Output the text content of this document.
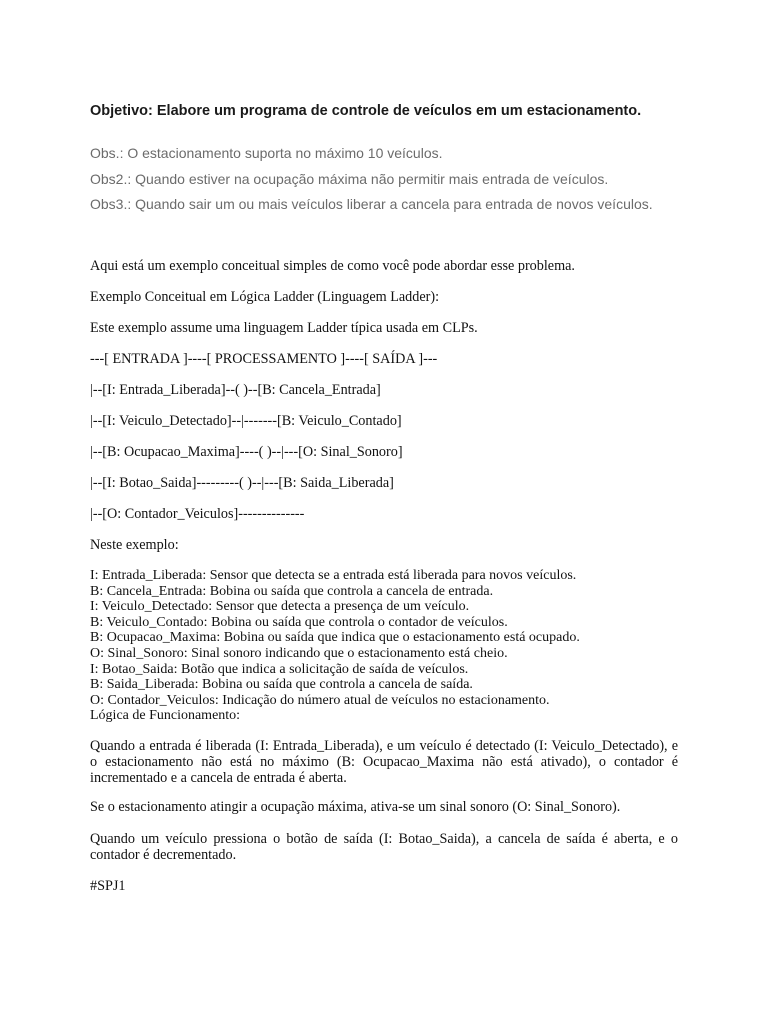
Objetivo: Elabore um programa de controle de veículos em um estacionamento.
Obs.: O estacionamento suporta no máximo 10 veículos.
Obs2.: Quando estiver na ocupação máxima não permitir mais entrada de veículos.
Obs3.: Quando sair um ou mais veículos liberar a cancela para entrada de novos veículos.
Aqui está um exemplo conceitual simples de como você pode abordar esse problema.
Exemplo Conceitual em Lógica Ladder (Linguagem Ladder):
Este exemplo assume uma linguagem Ladder típica usada em CLPs.
---[ ENTRADA ]----[ PROCESSAMENTO ]----[ SAÍDA ]---
|--[I: Entrada_Liberada]--( )--[B: Cancela_Entrada]
|--[I: Veiculo_Detectado]--|-------[B: Veiculo_Contado]
|--[B: Ocupacao_Maxima]----( )--|---[O: Sinal_Sonoro]
|--[I: Botao_Saida]---------( )--|---[B: Saida_Liberada]
|--[O: Contador_Veiculos]--------------
Neste exemplo:
I: Entrada_Liberada: Sensor que detecta se a entrada está liberada para novos veículos.
B: Cancela_Entrada: Bobina ou saída que controla a cancela de entrada.
I: Veiculo_Detectado: Sensor que detecta a presença de um veículo.
B: Veiculo_Contado: Bobina ou saída que controla o contador de veículos.
B: Ocupacao_Maxima: Bobina ou saída que indica que o estacionamento está ocupado.
O: Sinal_Sonoro: Sinal sonoro indicando que o estacionamento está cheio.
I: Botao_Saida: Botão que indica a solicitação de saída de veículos.
B: Saida_Liberada: Bobina ou saída que controla a cancela de saída.
O: Contador_Veiculos: Indicação do número atual de veículos no estacionamento.
Lógica de Funcionamento:
Quando a entrada é liberada (I: Entrada_Liberada), e um veículo é detectado (I: Veiculo_Detectado), e o estacionamento não está no máximo (B: Ocupacao_Maxima não está ativado), o contador é incrementado e a cancela de entrada é aberta.
Se o estacionamento atingir a ocupação máxima, ativa-se um sinal sonoro (O: Sinal_Sonoro).
Quando um veículo pressiona o botão de saída (I: Botao_Saida), a cancela de saída é aberta, e o contador é decrementado.
#SPJ1
